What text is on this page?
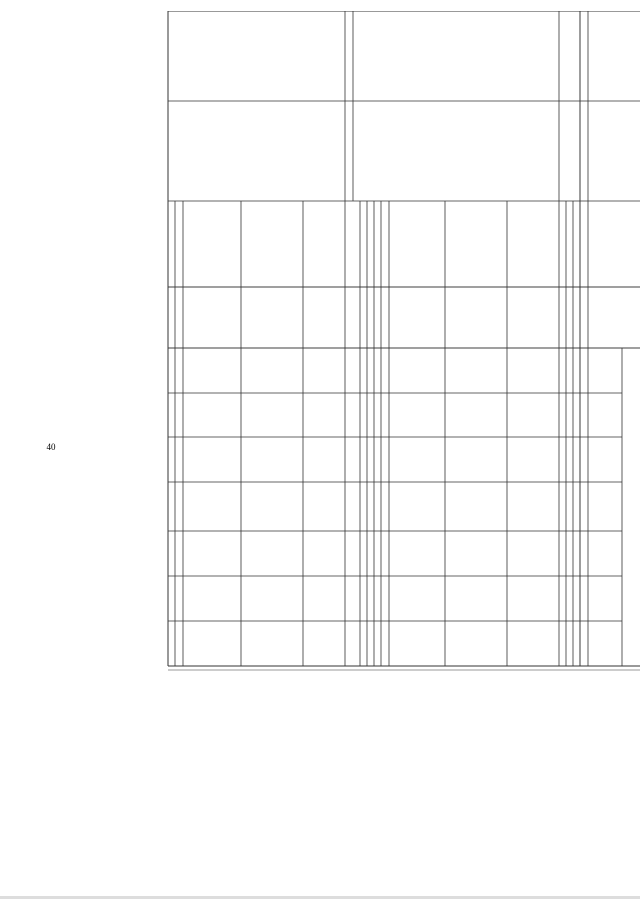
40
